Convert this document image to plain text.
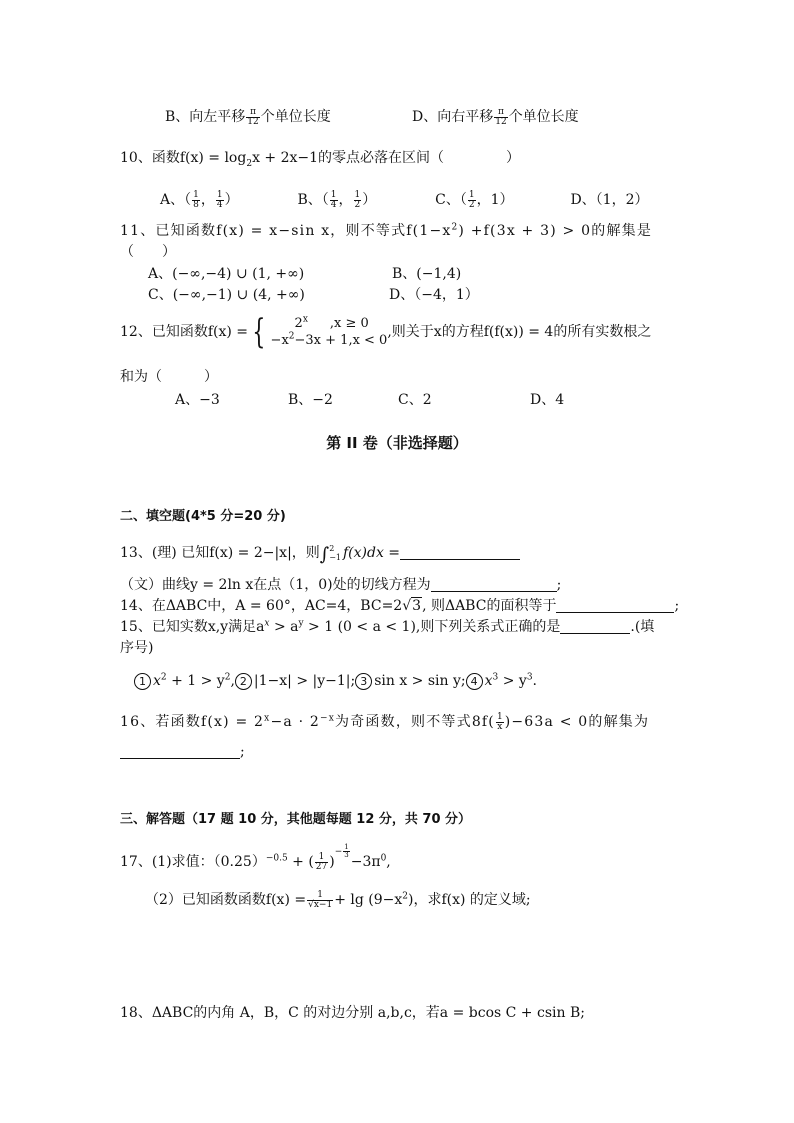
B、向左平移 $\frac{\pi}{12}$ 个单位长度	D、向右平移 $\frac{\pi}{12}$ 个单位长度
10、函数$f(x) = \log_2x + 2x-1$的零点必落在区间（	）
A、（ $\frac{1}{8}$ ， $\frac{1}{4}$ ）	B、（ $\frac{1}{4}$ ， $\frac{1}{2}$ ）	C、（ $\frac{1}{2}$ ，1）	D、（1，2）
11、已知函数f(x) = x−sin x，则不等式$f(1-x^2) +f(3x + 3) > 0$的解集是
（　　）
A、(−∞,−4) ∪ (1, +∞)	B、(−1,4)
C、(−∞,−1) ∪ (4, +∞)	D、（−4，1）
12、已知函数f(x) = {	2$^x$ ,x ≥ 0
$-x^2-3x + 1,x < 0$
,则关于x的方程f(f(x)) = 4的所有实数根之
和为（　　　）
A、−3	B、−2	C、2	D、4
第 II 卷（非选择题）
二、填空题(4*5 分=20 分)
13、(理) 已知f(x) = 2−|x|，则∫ 2
−1 f(x)dx =
（文）曲线y = 2ln x在点（1，0)处的切线方程为	;
14、在ΔABC中，A = 60°，AC=4，BC=2√3, 则ΔABC的面积等于	;
15、已知实数x,y满足$a^x > a^y > 1$ (0 < a < 1),则下列关系式正确的是	.(填
序号)
1 $x^2 + 1 > y^2$, 2 |1−x| > |y−1|; 3 sin x > sin y; 4 $x^3 > y^3$.
16、若函数$f(x) = 2^x-a \cdot 2^{-x}$为奇函数，则不等式$8f( \frac{1}{x} )-63a < 0$的解集为
;
三、解答题（17 题 10 分，其他题每题 12 分，共 70 分）
17、(1)求值：$(0.25)^{-0.5}$ + ( $\frac{1}{27} )^{- \frac{1}{3}}$
$-3\pi^0$,
（2）已知函数函数$f(x) = \frac{1}{√x-1} + \lg (9-x^2)$，求f(x) 的定义域;
18、ΔABC的内角 A，B，C 的对边分别 a,b,c，若a = bcos C + csin B;
